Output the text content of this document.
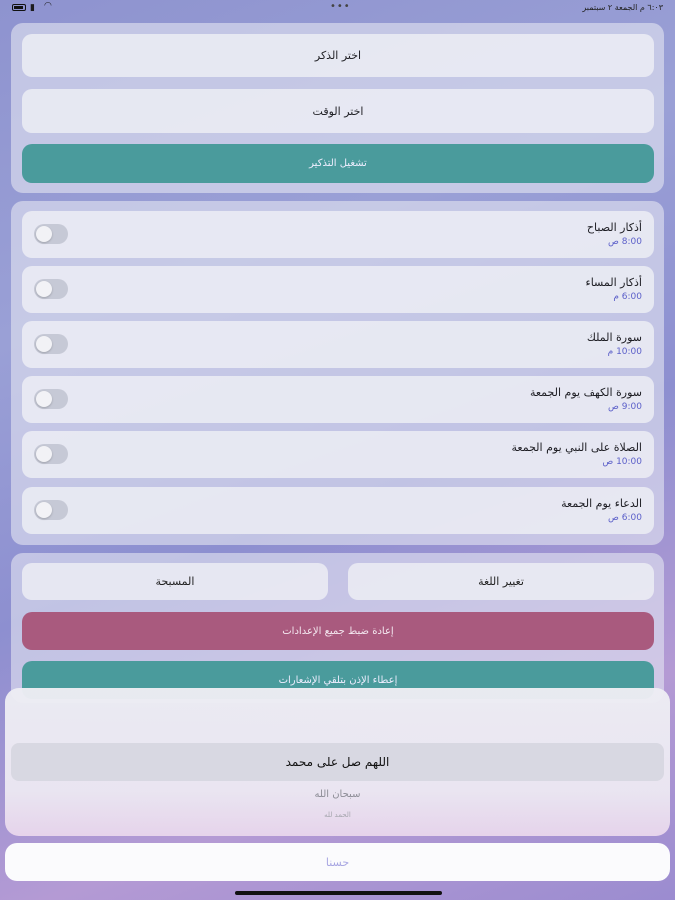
▮ ◠	•••	٦:٠٣ م الجمعة ٢ سبتمبر
اختر الذكر
اختر الوقت
تشغيل التذكير
أذكار الصباح
8:00 ص
أذكار المساء
6:00 م
سورة الملك
10:00 م
سورة الكهف يوم الجمعة
9:00 ص
الصلاة على النبي يوم الجمعة
10:00 ص
الدعاء يوم الجمعة
6:00 ص
تغيير اللغة
المسبحة
إعادة ضبط جميع الإعدادات
إعطاء الإذن بتلقي الإشعارات
اللهم صل على محمد
سبحان الله
الحمد لله
حسنا
